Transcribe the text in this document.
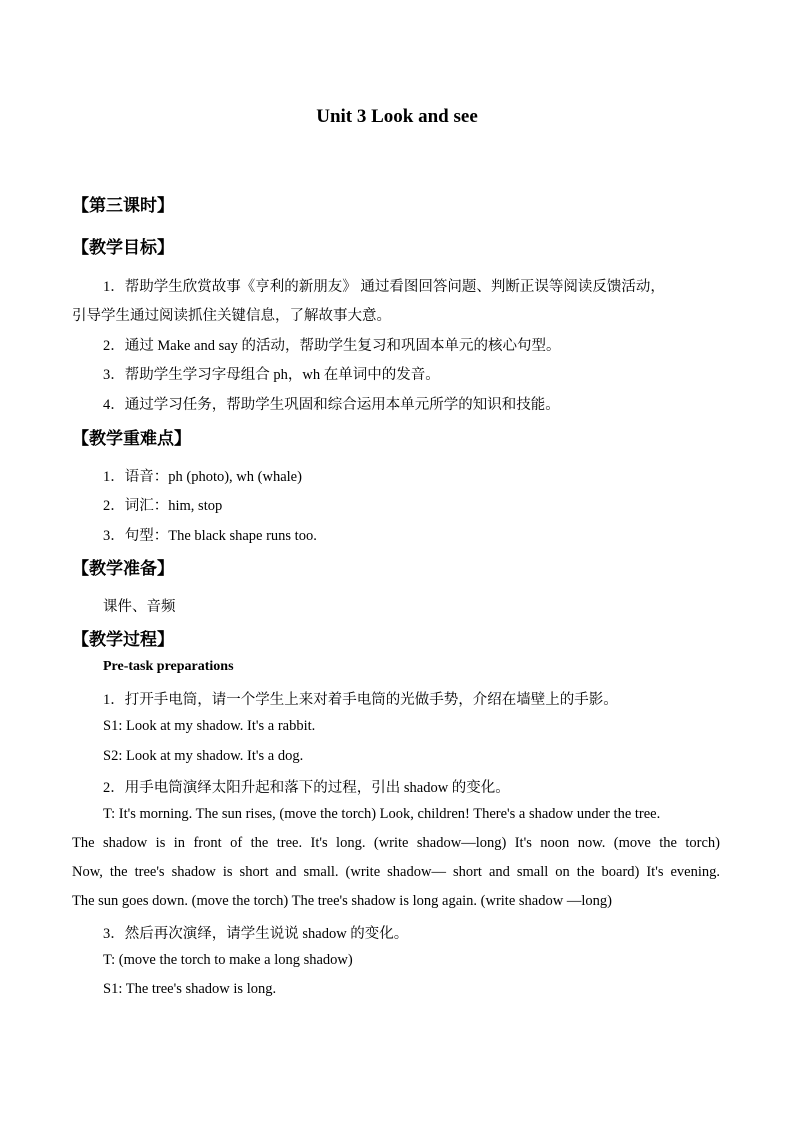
Unit 3 Look and see
【第三课时】
【教学目标】
1．帮助学生欣赏故事《亨利的新朋友》 通过看图回答问题、判断正误等阅读反馈活动，
引导学生通过阅读抓住关键信息，了解故事大意。
2．通过 Make and say 的活动，帮助学生复习和巩固本单元的核心句型。
3．帮助学生学习字母组合 ph，wh 在单词中的发音。
4．通过学习任务，帮助学生巩固和综合运用本单元所学的知识和技能。
【教学重难点】
1．语音：ph (photo), wh (whale)
2．词汇：him, stop
3．句型：The black shape runs too.
【教学准备】
课件、音频
【教学过程】
Pre-task preparations
1．打开手电筒，请一个学生上来对着手电筒的光做手势，介绍在墙壁上的手影。
S1: Look at my shadow. It's a rabbit.
S2: Look at my shadow. It's a dog.
2．用手电筒演绎太阳升起和落下的过程，引出 shadow 的变化。
T: It's morning. The sun rises, (move the torch) Look, children! There's a shadow under the tree.
The shadow is in front of the tree. It's long. (write shadow—long) It's noon now. (move the torch)
Now, the tree's shadow is short and small. (write shadow— short and small on the board) It's evening.
The sun goes down. (move the torch) The tree's shadow is long again. (write shadow —long)
3．然后再次演绎，请学生说说 shadow 的变化。
T: (move the torch to make a long shadow)
S1: The tree's shadow is long.
